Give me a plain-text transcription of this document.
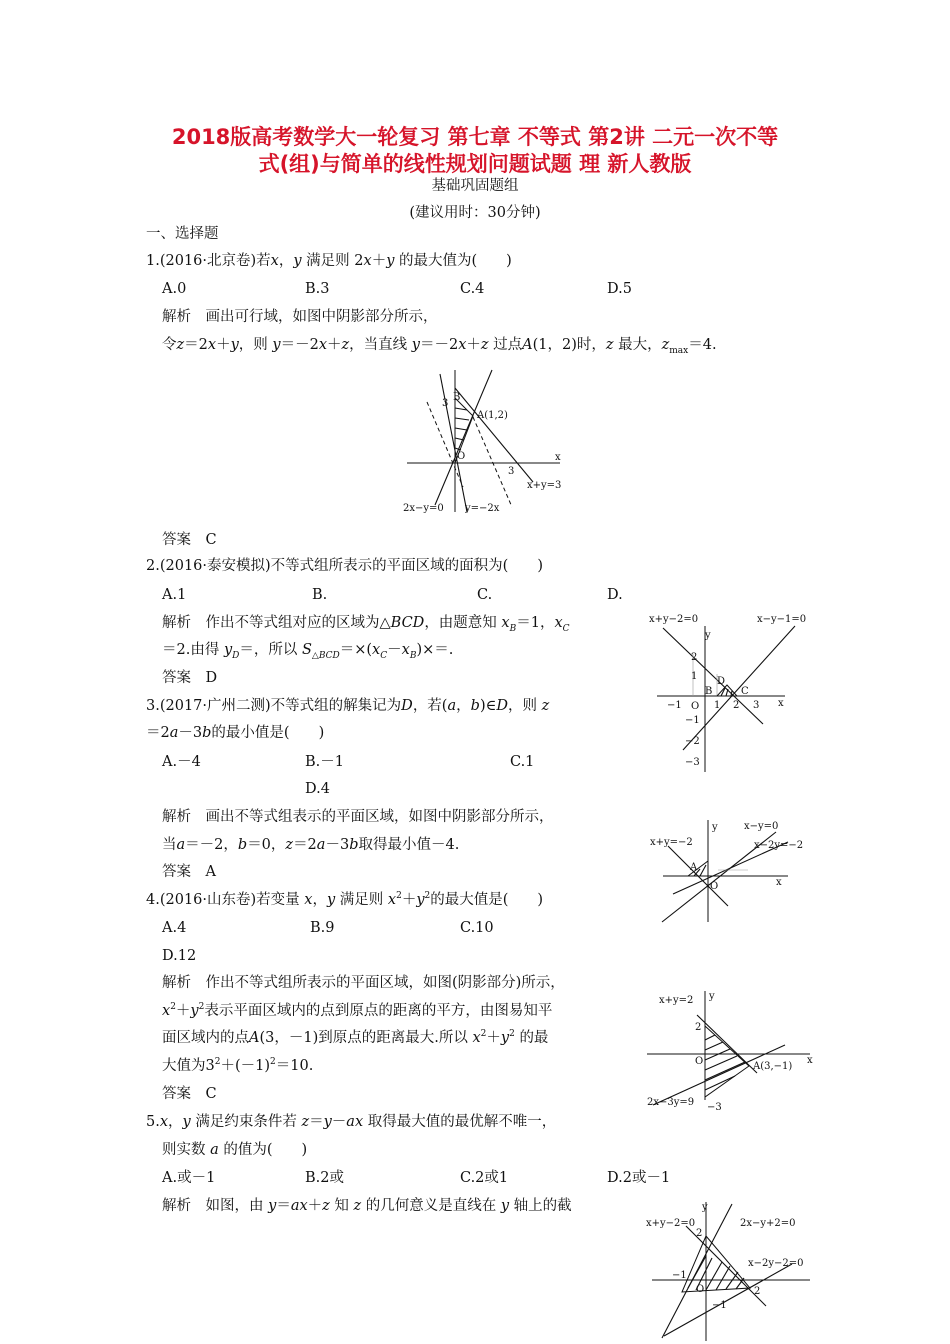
2018版高考数学大一轮复习 第七章 不等式 第2讲 二元一次不等
式(组)与简单的线性规划问题试题 理 新人教版
基础巩固题组
(建议用时：30分钟)
一、选择题
1.(2016·北京卷)若x，y 满足则 2x＋y 的最大值为(　　)
A.0	B.3	C.4	D.5
解析　画出可行域，如图中阴影部分所示，
令z＝2x＋y，则 y＝－2x＋z，当直线 y＝－2x＋z 过点A(1，2)时，z 最大，$z_{max}=4$.
x
3
3
B
A(1,2)
O
x+y=3
2x−y=0 y=−2x
答案　C
2.(2016·泰安模拟)不等式组所表示的平面区域的面积为(　　)
A.1	B.	C.	D.
解析　作出不等式组对应的区域为△BCD，由题意知 $x_B=1$，$x_C$
＝2.由得 $y_D=$，所以 $S_{\triangle BCD}=\times(x_C-x_B)\times=$.
答案　D
x+y−2=0	x−y−1=0
y
x
D
B	C
O
−1	1 2 3
2
1
−1
−2
−3
3.(2017·广州二测)不等式组的解集记为D，若(a，b)∈D，则 z
＝2a－3b的最小值是(　　)
A.－4	B.－1	C.1
D.4
解析　画出不等式组表示的平面区域，如图中阴影部分所示，
当a＝－2，b＝0，z＝2a－3b取得最小值－4.
答案　A
y
x
x+y=−2
x−y=0
x−2y=−2
A
O
4.(2016·山东卷)若变量 x，y 满足则 $x^2+y^2$的最大值是(　　)
A.4	B.9	C.10
D.12
解析　作出不等式组所表示的平面区域，如图(阴影部分)所示，
$x^2+y^2$表示平面区域内的点到原点的距离的平方，由图易知平
面区域内的点A(3，－1)到原点的距离最大.所以 $x^2+y^2$ 的最
大值为$3^2+(-1)^2=10$.
答案　C
x+y=2 y
x
2
O	A(3,−1)
2x−3y=9 −3
5.x，y 满足约束条件若 z＝y－ax 取得最大值的最优解不唯一，
则实数 a 的值为(　　)
A.或－1	B.2或	C.2或1	D.2或－1
解析　如图，由 y＝ax＋z 知 z 的几何意义是直线在 y 轴上的截	y
x+y−2=0	2x−y+2=0
x−2y−2=0
2
−1
O
−1
2
